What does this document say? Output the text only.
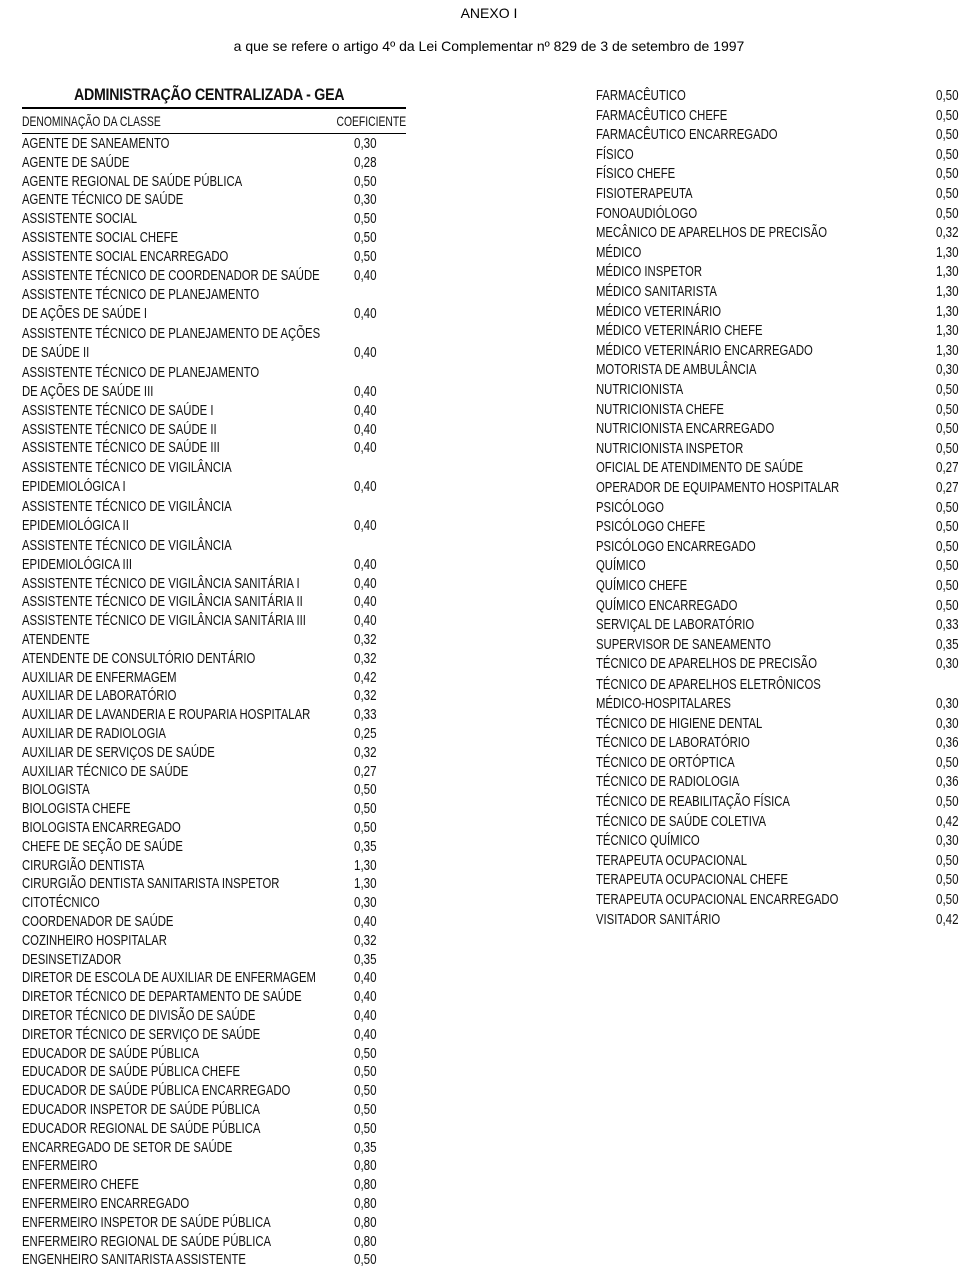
ANEXO I
a que se refere o artigo 4º da Lei Complementar nº 829 de 3 de setembro de 1997
ADMINISTRAÇÃO CENTRALIZADA - GEA
DENOMINAÇÃO DA CLASSE	COEFICIENTE
AGENTE DE SANEAMENTO	0,30
AGENTE DE SAÚDE	0,28
AGENTE REGIONAL DE SAÚDE PÚBLICA	0,50
AGENTE TÉCNICO DE SAÚDE	0,30
ASSISTENTE SOCIAL	0,50
ASSISTENTE SOCIAL CHEFE	0,50
ASSISTENTE SOCIAL ENCARREGADO	0,50
ASSISTENTE TÉCNICO DE COORDENADOR DE SAÚDE 0,40
ASSISTENTE TÉCNICO DE PLANEJAMENTO
DE AÇÕES DE SAÚDE I	0,40
ASSISTENTE TÉCNICO DE PLANEJAMENTO DE AÇÕES
DE SAÚDE II	0,40
ASSISTENTE TÉCNICO DE PLANEJAMENTO
DE AÇÕES DE SAÚDE III	0,40
ASSISTENTE TÉCNICO DE SAÚDE I	0,40
ASSISTENTE TÉCNICO DE SAÚDE II	0,40
ASSISTENTE TÉCNICO DE SAÚDE III	0,40
ASSISTENTE TÉCNICO DE VIGILÂNCIA
EPIDEMIOLÓGICA I	0,40
ASSISTENTE TÉCNICO DE VIGILÂNCIA
EPIDEMIOLÓGICA II	0,40
ASSISTENTE TÉCNICO DE VIGILÂNCIA
EPIDEMIOLÓGICA III	0,40
ASSISTENTE TÉCNICO DE VIGILÂNCIA SANITÁRIA I	0,40
ASSISTENTE TÉCNICO DE VIGILÂNCIA SANITÁRIA II	0,40
ASSISTENTE TÉCNICO DE VIGILÂNCIA SANITÁRIA III	0,40
ATENDENTE	0,32
ATENDENTE DE CONSULTÓRIO DENTÁRIO	0,32
AUXILIAR DE ENFERMAGEM	0,42
AUXILIAR DE LABORATÓRIO	0,32
AUXILIAR DE LAVANDERIA E ROUPARIA HOSPITALAR	0,33
AUXILIAR DE RADIOLOGIA	0,25
AUXILIAR DE SERVIÇOS DE SAÚDE	0,32
AUXILIAR TÉCNICO DE SAÚDE	0,27
BIOLOGISTA	0,50
BIOLOGISTA CHEFE	0,50
BIOLOGISTA ENCARREGADO	0,50
CHEFE DE SEÇÃO DE SAÚDE	0,35
CIRURGIÃO DENTISTA	1,30
CIRURGIÃO DENTISTA SANITARISTA INSPETOR	1,30
CITOTÉCNICO	0,30
COORDENADOR DE SAÚDE	0,40
COZINHEIRO HOSPITALAR	0,32
DESINSETIZADOR	0,35
DIRETOR DE ESCOLA DE AUXILIAR DE ENFERMAGEM	0,40
DIRETOR TÉCNICO DE DEPARTAMENTO DE SAÚDE	0,40
DIRETOR TÉCNICO DE DIVISÃO DE SAÚDE	0,40
DIRETOR TÉCNICO DE SERVIÇO DE SAÚDE	0,40
EDUCADOR DE SAÚDE PÚBLICA	0,50
EDUCADOR DE SAÚDE PÚBLICA CHEFE	0,50
EDUCADOR DE SAÚDE PÚBLICA ENCARREGADO	0,50
EDUCADOR INSPETOR DE SAÚDE PÚBLICA	0,50
EDUCADOR REGIONAL DE SAÚDE PÚBLICA	0,50
ENCARREGADO DE SETOR DE SAÚDE	0,35
ENFERMEIRO	0,80
ENFERMEIRO CHEFE	0,80
ENFERMEIRO ENCARREGADO	0,80
ENFERMEIRO INSPETOR DE SAÚDE PÚBLICA	0,80
ENFERMEIRO REGIONAL DE SAÚDE PÚBLICA	0,80
ENGENHEIRO SANITARISTA ASSISTENTE	0,50
FARMACÊUTICO	0,50
FARMACÊUTICO CHEFE	0,50
FARMACÊUTICO ENCARREGADO	0,50
FÍSICO	0,50
FÍSICO CHEFE	0,50
FISIOTERAPEUTA	0,50
FONOAUDIÓLOGO	0,50
MECÂNICO DE APARELHOS DE PRECISÃO	0,32
MÉDICO	1,30
MÉDICO INSPETOR	1,30
MÉDICO SANITARISTA	1,30
MÉDICO VETERINÁRIO	1,30
MÉDICO VETERINÁRIO CHEFE	1,30
MÉDICO VETERINÁRIO ENCARREGADO	1,30
MOTORISTA DE AMBULÂNCIA	0,30
NUTRICIONISTA	0,50
NUTRICIONISTA CHEFE	0,50
NUTRICIONISTA ENCARREGADO	0,50
NUTRICIONISTA INSPETOR	0,50
OFICIAL DE ATENDIMENTO DE SAÚDE	0,27
OPERADOR DE EQUIPAMENTO HOSPITALAR	0,27
PSICÓLOGO	0,50
PSICÓLOGO CHEFE	0,50
PSICÓLOGO ENCARREGADO	0,50
QUÍMICO	0,50
QUÍMICO CHEFE	0,50
QUÍMICO ENCARREGADO	0,50
SERVIÇAL DE LABORATÓRIO	0,33
SUPERVISOR DE SANEAMENTO	0,35
TÉCNICO DE APARELHOS DE PRECISÃO	0,30
TÉCNICO DE APARELHOS ELETRÔNICOS
MÉDICO-HOSPITALARES	0,30
TÉCNICO DE HIGIENE DENTAL	0,30
TÉCNICO DE LABORATÓRIO	0,36
TÉCNICO DE ORTÓPTICA	0,50
TÉCNICO DE RADIOLOGIA	0,36
TÉCNICO DE REABILITAÇÃO FÍSICA	0,50
TÉCNICO DE SAÚDE COLETIVA	0,42
TÉCNICO QUÍMICO	0,30
TERAPEUTA OCUPACIONAL	0,50
TERAPEUTA OCUPACIONAL CHEFE	0,50
TERAPEUTA OCUPACIONAL ENCARREGADO	0,50
VISITADOR SANITÁRIO	0,42
